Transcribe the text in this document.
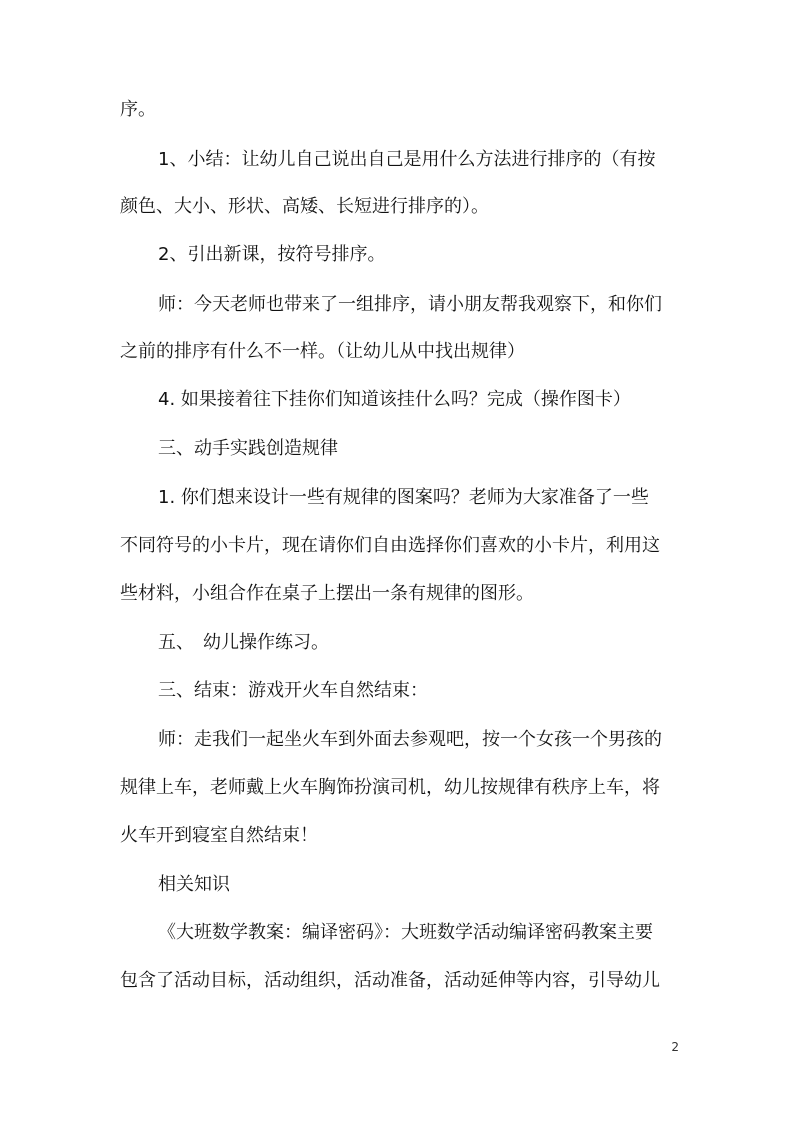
序。
1、小结：让幼儿自己说出自己是用什么方法进行排序的（有按
颜色、大小、形状、高矮、长短进行排序的）。
2、引出新课，按符号排序。
师：今天老师也带来了一组排序，请小朋友帮我观察下，和你们
之前的排序有什么不一样。（让幼儿从中找出规律）
4. 如果接着往下挂你们知道该挂什么吗？完成（操作图卡）
三、动手实践创造规律
1. 你们想来设计一些有规律的图案吗？老师为大家准备了一些
不同符号的小卡片，现在请你们自由选择你们喜欢的小卡片，利用这
些材料，小组合作在桌子上摆出一条有规律的图形。
五、　幼儿操作练习。
三、结束：游戏开火车自然结束：
师：走我们一起坐火车到外面去参观吧，按一个女孩一个男孩的
规律上车，老师戴上火车胸饰扮演司机，幼儿按规律有秩序上车，将
火车开到寝室自然结束！
相关知识
《大班数学教案：编译密码》：大班数学活动编译密码教案主要
包含了活动目标，活动组织，活动准备，活动延伸等内容，引导幼儿
2
